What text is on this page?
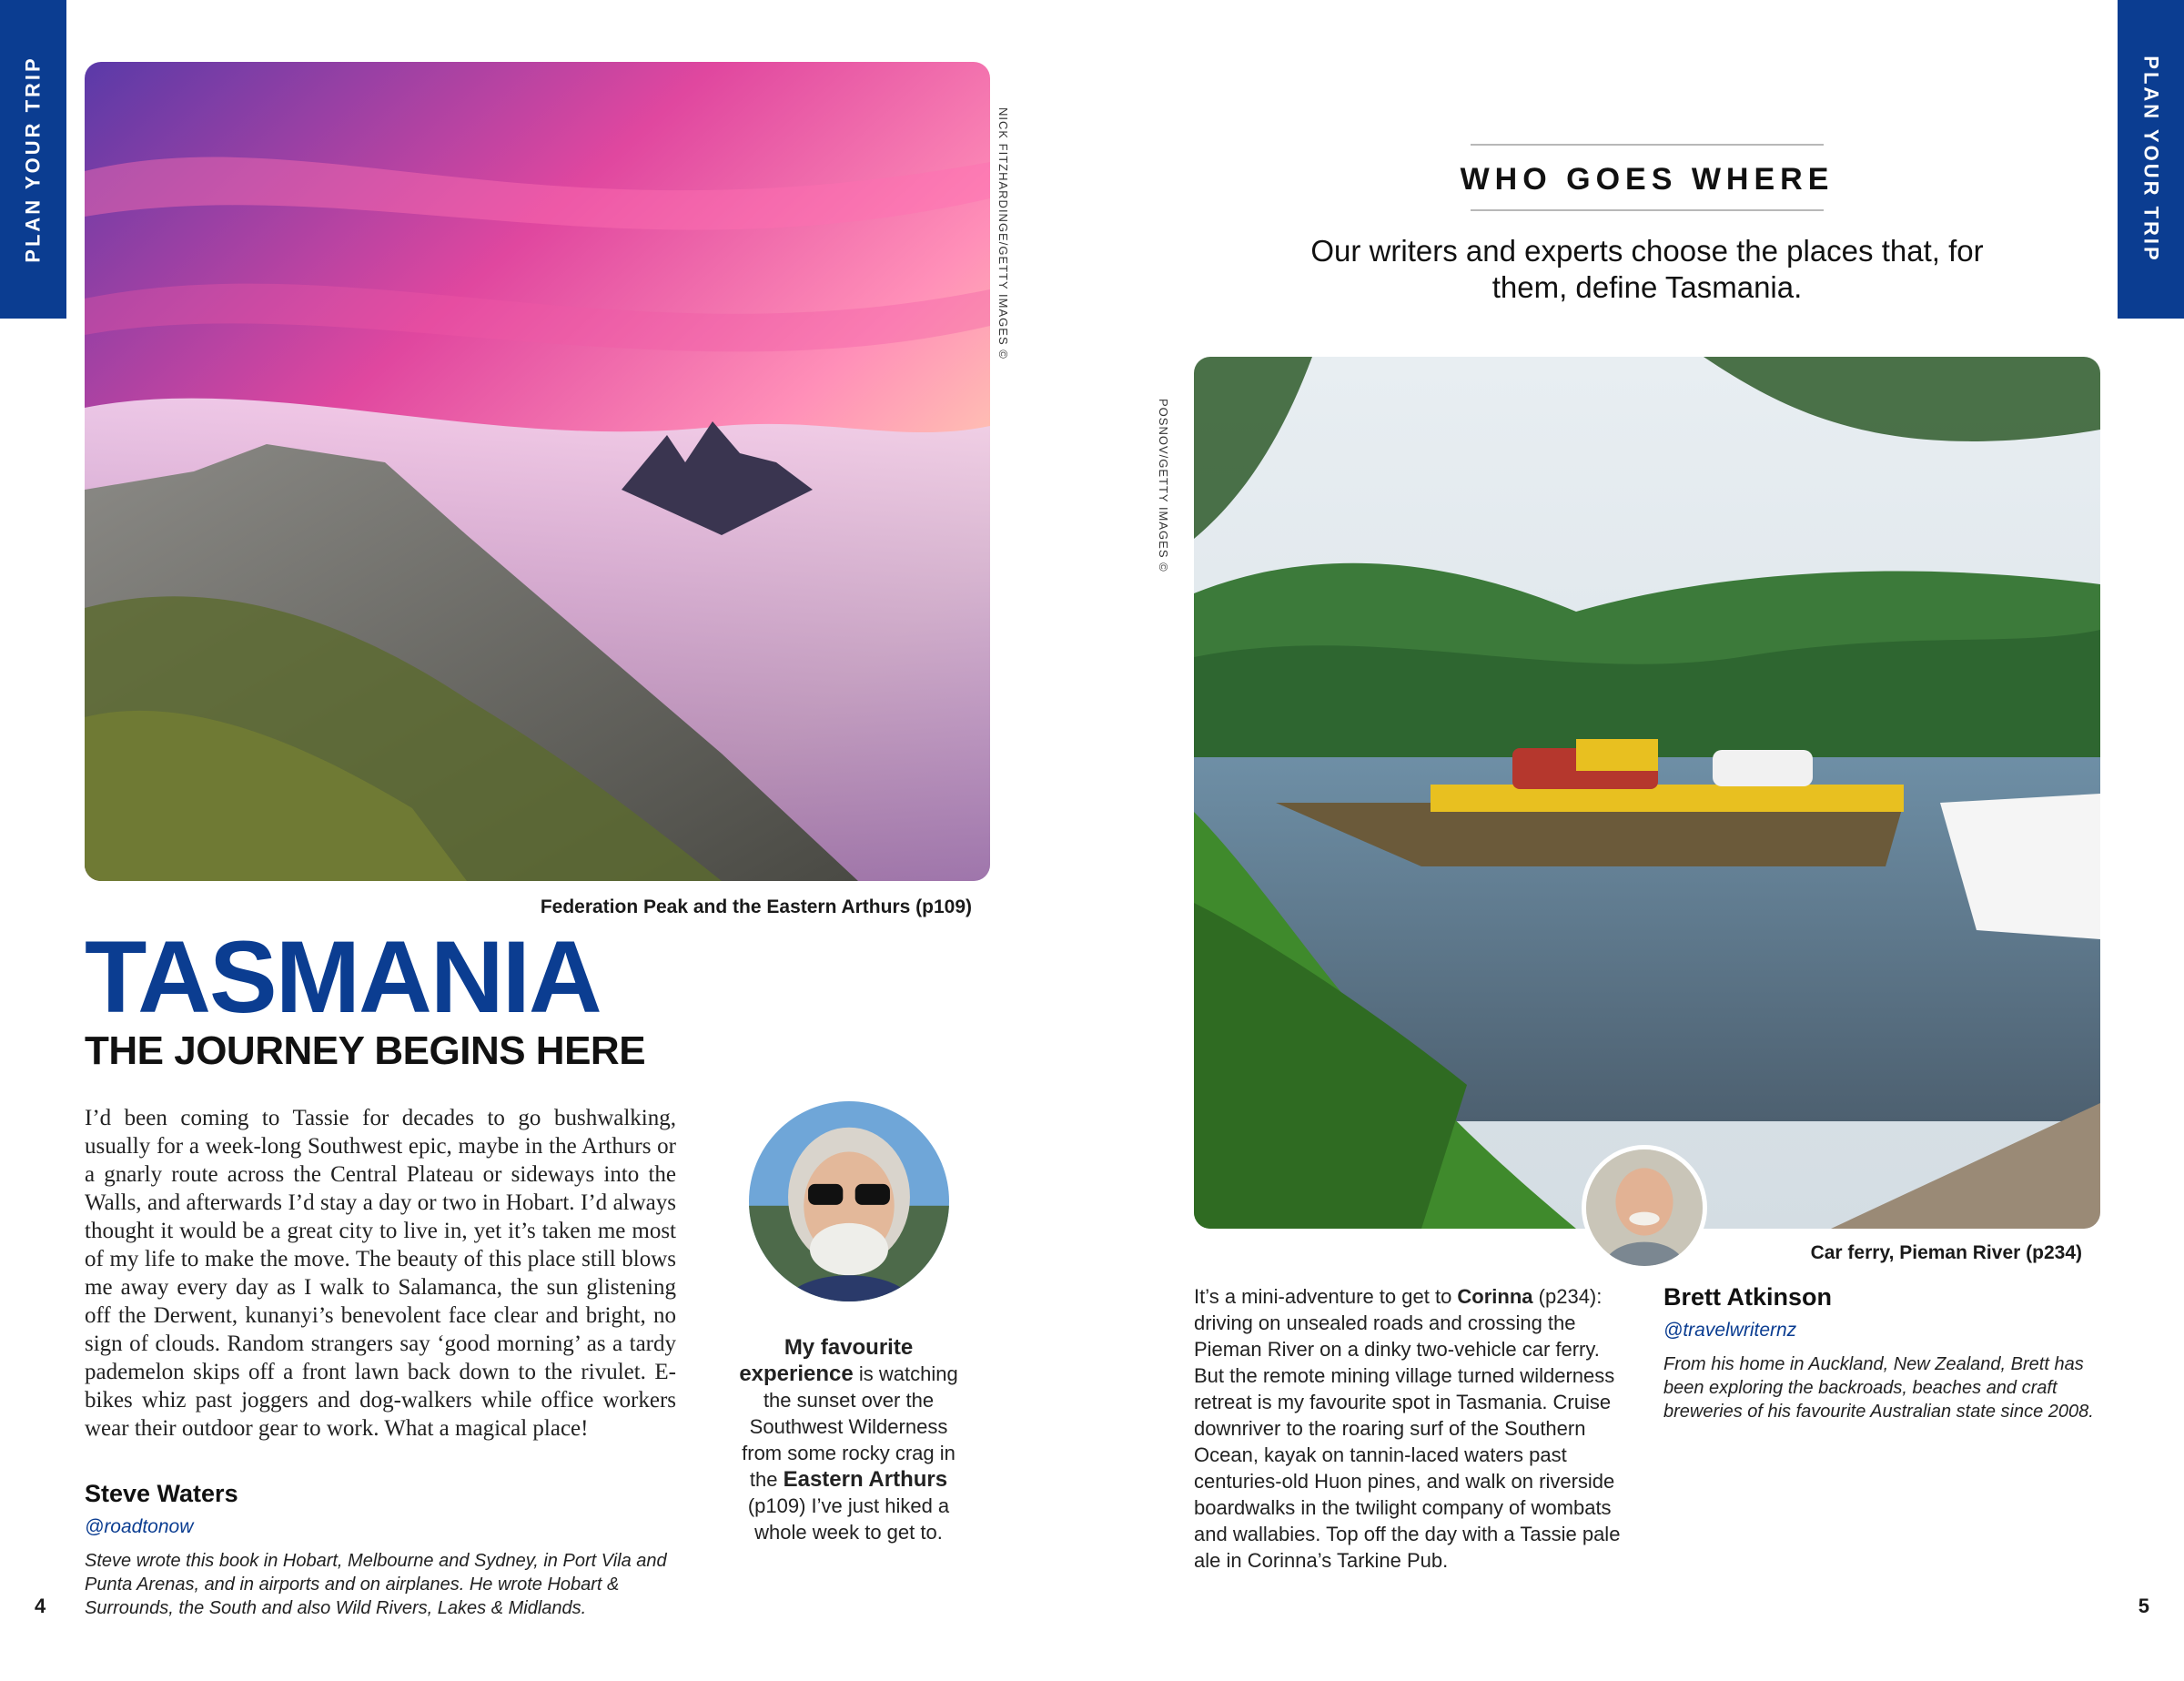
PLAN YOUR TRIP	PLAN YOUR TRIP
NICK FITZHARDINGE/GETTY IMAGES ©
Federation Peak and the Eastern Arthurs (p109)
TASMANIA
THE JOURNEY BEGINS HERE

I’d been coming to Tassie for decades to go bushwalking, usually for a week-long Southwest epic, maybe in the Arthurs or a gnarly route across the Central Plateau or sideways into the Walls, and afterwards I’d stay a day or two in Hobart. I’d always thought it would be a great city to live in, yet it’s taken me most of my life to make the move. The beauty of this place still blows me away every day as I walk to Salamanca, the sun glistening off the Derwent, kunanyi’s benevolent face clear and bright, no sign of clouds. Random strangers say ‘good morning’ as a tardy pademelon skips off a front lawn back down to the rivulet. E-bikes whiz past joggers and dog-walkers while office workers wear their outdoor gear to work. What a magical place!

Steve Waters
@roadtonow
Steve wrote this book in Hobart, Melbourne and Sydney, in Port Vila and Punta Arenas, and in airports and on airplanes. He wrote Hobart & Surrounds, the South and also Wild Rivers, Lakes & Midlands.
My favourite experience is watching the sunset over the Southwest Wilderness from some rocky crag in the Eastern Arthurs (p109) I’ve just hiked a whole week to get to.
4
WHO GOES WHERE

Our writers and experts choose the places that, for them, define Tasmania.

POSNOV/GETTY IMAGES ©
Car ferry, Pieman River (p234)

It’s a mini-adventure to get to Corinna (p234): driving on unsealed roads and crossing the Pieman River on a dinky two-vehicle car ferry. But the remote mining village turned wilderness retreat is my favourite spot in Tasmania. Cruise downriver to the roaring surf of the Southern Ocean, kayak on tannin-laced waters past centuries-old Huon pines, and walk on riverside boardwalks in the twilight company of wombats and wallabies. Top off the day with a Tassie pale ale in Corinna’s Tarkine Pub.

Brett Atkinson
@travelwriternz
From his home in Auckland, New Zealand, Brett has been exploring the backroads, beaches and craft breweries of his favourite Australian state since 2008.
5
